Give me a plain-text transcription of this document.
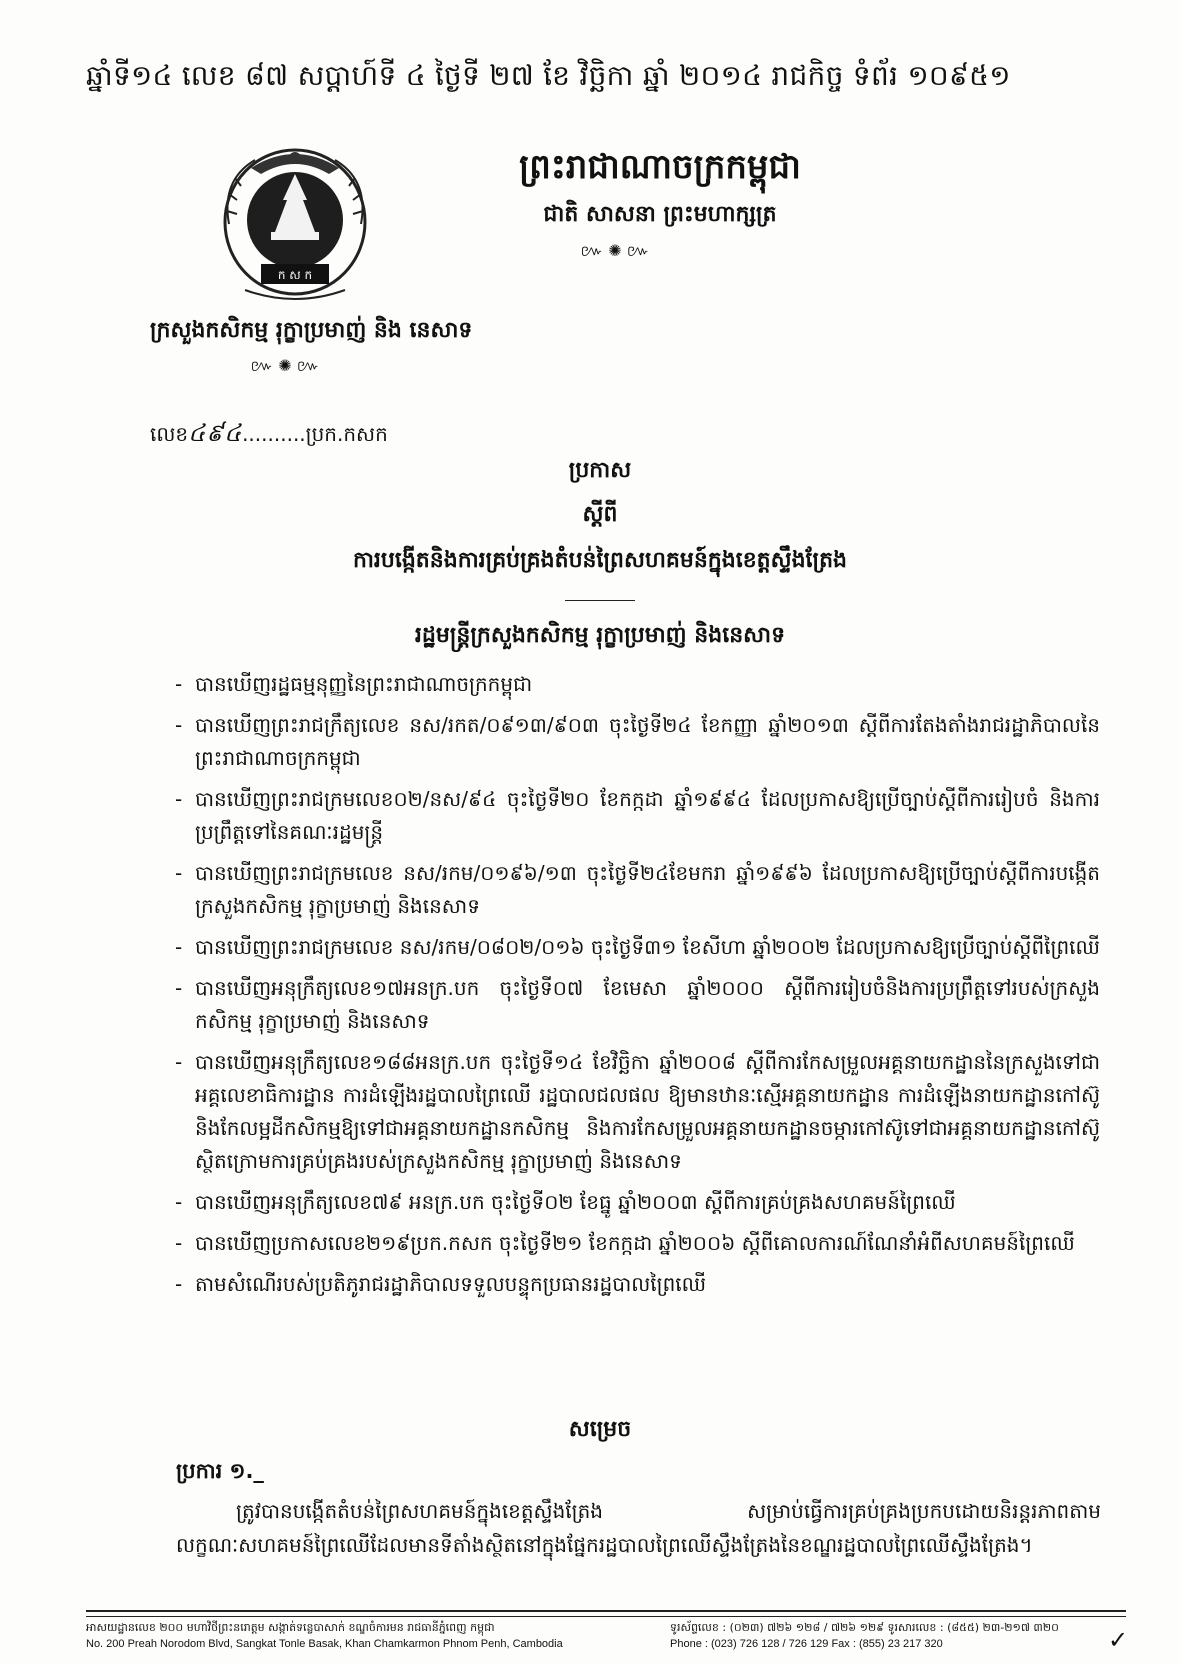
ឆ្នាំទី១៤ លេខ ៨៧ សប្តាហ៍ទី ៤ ថ្ងៃទី ២៧ ខែ វិច្ឆិកា ឆ្នាំ ២០១៤ រាជកិច្ច ទំព័រ ១០៩៥១
ក ស ក
ព្រះរាជាណាចក្រកម្ពុជា
ជាតិ សាសនា ព្រះមហាក្សត្រ
៚ ✺ ៚
ក្រសួងកសិកម្ម រុក្ខាប្រមាញ់ និង នេសាទ
៚ ✺ ៚
លេខ៤៩៤..........ប្រក.កសក
ប្រកាស
ស្តីពី
ការបង្កើតនិងការគ្រប់គ្រងតំបន់ព្រៃសហគមន៍ក្នុងខេត្តស្ទឹងត្រែង
រដ្ឋមន្ត្រីក្រសួងកសិកម្ម រុក្ខាប្រមាញ់ និងនេសាទ
- បានឃើញរដ្ឋធម្មនុញ្ញនៃព្រះរាជាណាចក្រកម្ពុជា
- បានឃើញព្រះរាជក្រឹត្យលេខ នស/រកត/០៩១៣/៩០៣ ចុះថ្ងៃទី២៤ ខែកញ្ញា ឆ្នាំ២០១៣ ស្តីពីការតែងតាំងរាជរដ្ឋាភិបាលនៃព្រះរាជាណាចក្រកម្ពុជា
- បានឃើញព្រះរាជក្រមលេខ០២/នស/៩៤ ចុះថ្ងៃទី២០ ខែកក្កដា ឆ្នាំ១៩៩៤ ដែលប្រកាសឱ្យប្រើច្បាប់ស្តីពីការរៀបចំ និងការប្រព្រឹត្តទៅនៃគណៈរដ្ឋមន្ត្រី
- បានឃើញព្រះរាជក្រមលេខ នស/រកម/០១៩៦/១៣ ចុះថ្ងៃទី២៤ខែមករា ឆ្នាំ១៩៩៦ ដែលប្រកាសឱ្យប្រើច្បាប់ស្តីពីការបង្កើតក្រសួងកសិកម្ម រុក្ខាប្រមាញ់ និងនេសាទ
- បានឃើញព្រះរាជក្រមលេខ នស/រកម/០៨០២/០១៦ ចុះថ្ងៃទី៣១ ខែសីហា ឆ្នាំ២០០២ ដែលប្រកាសឱ្យប្រើច្បាប់ស្តីពីព្រៃឈើ
- បានឃើញអនុក្រឹត្យលេខ១៧អនក្រ.បក ចុះថ្ងៃទី០៧ ខែមេសា ឆ្នាំ២០០០ ស្តីពីការរៀបចំនិងការប្រព្រឹត្តទៅរបស់ក្រសួងកសិកម្ម រុក្ខាប្រមាញ់ និងនេសាទ
- បានឃើញអនុក្រឹត្យលេខ១៨៨អនក្រ.បក ចុះថ្ងៃទី១៤ ខែវិច្ឆិកា ឆ្នាំ២០០៨ ស្តីពីការកែសម្រួលអគ្គនាយកដ្ឋាននៃក្រសួងទៅជាអគ្គលេខាធិការដ្ឋាន ការដំឡើងរដ្ឋបាលព្រៃឈើ រដ្ឋបាលជលផល ឱ្យមានឋានៈស្មើអគ្គនាយកដ្ឋាន ការដំឡើងនាយកដ្ឋានកៅស៊ូនិងកែលម្អដីកសិកម្មឱ្យទៅជាអគ្គនាយកដ្ឋានកសិកម្ម និងការកែសម្រួលអគ្គនាយកដ្ឋានចម្ការកៅស៊ូទៅជាអគ្គនាយកដ្ឋានកៅស៊ូ ស្ថិតក្រោមការគ្រប់គ្រងរបស់ក្រសួងកសិកម្ម រុក្ខាប្រមាញ់ និងនេសាទ
- បានឃើញអនុក្រឹត្យលេខ៧៩ អនក្រ.បក ចុះថ្ងៃទី០២ ខែធ្នូ ឆ្នាំ២០០៣ ស្តីពីការគ្រប់គ្រងសហគមន៍ព្រៃឈើ
- បានឃើញប្រកាសលេខ២១៩ប្រក.កសក ចុះថ្ងៃទី២១ ខែកក្កដា ឆ្នាំ២០០៦ ស្តីពីគោលការណ៍ណែនាំអំពីសហគមន៍ព្រៃឈើ
- តាមសំណើរបស់ប្រតិភូរាជរដ្ឋាភិបាលទទួលបន្ទុកប្រធានរដ្ឋបាលព្រៃឈើ
សម្រេច
ប្រការ ១._
ត្រូវបានបង្កើតតំបន់ព្រៃសហគមន៍ក្នុងខេត្តស្ទឹងត្រែង សម្រាប់ធ្វើការគ្រប់គ្រងប្រកបដោយនិរន្តរភាពតាមលក្ខណៈសហគមន៍ព្រៃឈើដែលមានទីតាំងស្ថិតនៅក្នុងផ្នែករដ្ឋបាលព្រៃឈើស្ទឹងត្រែងនៃខណ្ឌរដ្ឋបាលព្រៃឈើស្ទឹងត្រែង។
អាសយដ្ឋានលេខ ២០០ មហាវិថីព្រះនរោត្តម សង្កាត់ទន្លេបាសាក់ ខណ្ឌចំការមន រាជធានីភ្នំពេញ កម្ពុជា
No. 200 Preah Norodom Blvd, Sangkat Tonle Basak, Khan Chamkarmon Phnom Penh, Cambodia
ទូរស័ព្ទលេខ : (០២៣) ៧២៦ ១២៨ / ៧២៦ ១២៩ ទូរសារលេខ : (៨៥៥) ២៣-២១៧ ៣២០
Phone : (023) 726 128 / 726 129 Fax : (855) 23 217 320	✓
